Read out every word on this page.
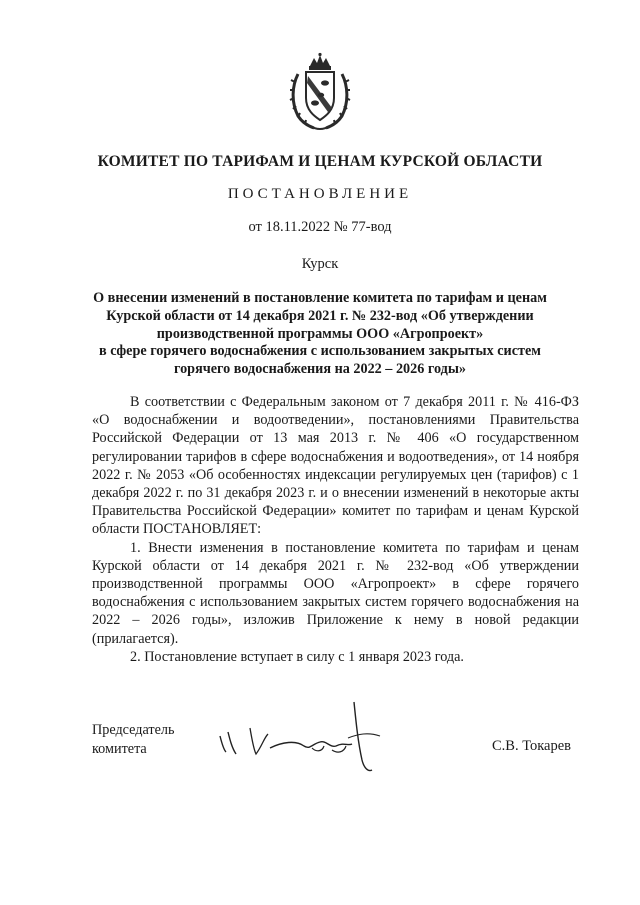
КОМИТЕТ ПО ТАРИФАМ И ЦЕНАМ КУРСКОЙ ОБЛАСТИ
ПОСТАНОВЛЕНИЕ
от 18.11.2022 № 77-вод
Курск
О внесении изменений в постановление комитета по тарифам и ценам
Курской области от 14 декабря 2021 г. № 232-вод «Об утверждении
производственной программы ООО «Агропроект»
в сфере горячего водоснабжения с использованием закрытых систем
горячего водоснабжения на 2022 – 2026 годы»

В соответствии с Федеральным законом от 7 декабря 2011 г. № 416-ФЗ «О водоснабжении и водоотведении», постановлениями Правительства Российской Федерации от 13 мая 2013 г. № 406 «О государственном регулировании тарифов в сфере водоснабжения и водоотведения», от 14 ноября 2022 г. № 2053 «Об особенностях индексации регулируемых цен (тарифов) с 1 декабря 2022 г. по 31 декабря 2023 г. и о внесении изменений в некоторые акты Правительства Российской Федерации» комитет по тарифам и ценам Курской области ПОСТАНОВЛЯЕТ:

1. Внести изменения в постановление комитета по тарифам и ценам Курской области от 14 декабря 2021 г. № 232-вод «Об утверждении производственной программы ООО «Агропроект» в сфере горячего водоснабжения с использованием закрытых систем горячего водоснабжения на 2022 – 2026 годы», изложив Приложение к нему в новой редакции (прилагается).

2. Постановление вступает в силу с 1 января 2023 года.

Председатель
комитета	С.В. Токарев
